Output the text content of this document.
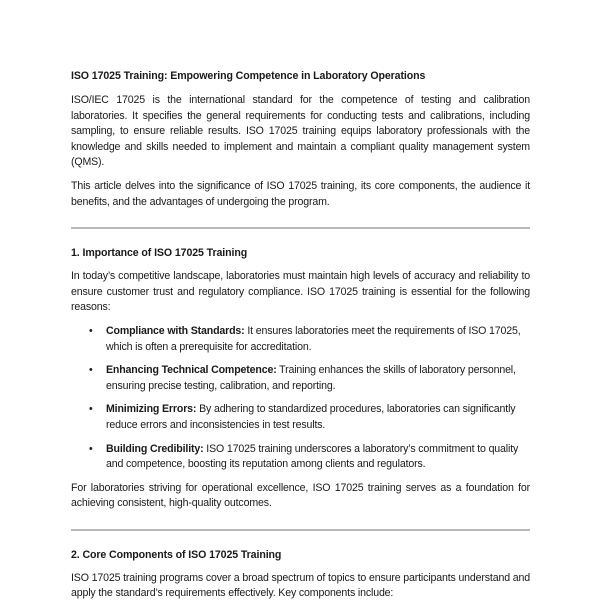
ISO 17025 Training: Empowering Competence in Laboratory Operations

ISO/IEC 17025 is the international standard for the competence of testing and calibration laboratories. It specifies the general requirements for conducting tests and calibrations, including sampling, to ensure reliable results. ISO 17025 training equips laboratory professionals with the knowledge and skills needed to implement and maintain a compliant quality management system (QMS).

This article delves into the significance of ISO 17025 training, its core components, the audience it benefits, and the advantages of undergoing the program.

1. Importance of ISO 17025 Training

In today’s competitive landscape, laboratories must maintain high levels of accuracy and reliability to ensure customer trust and regulatory compliance. ISO 17025 training is essential for the following reasons:

• Compliance with Standards: It ensures laboratories meet the requirements of ISO 17025, which is often a prerequisite for accreditation.
• Enhancing Technical Competence: Training enhances the skills of laboratory personnel, ensuring precise testing, calibration, and reporting.
• Minimizing Errors: By adhering to standardized procedures, laboratories can significantly reduce errors and inconsistencies in test results.
• Building Credibility: ISO 17025 training underscores a laboratory’s commitment to quality and competence, boosting its reputation among clients and regulators.

For laboratories striving for operational excellence, ISO 17025 training serves as a foundation for achieving consistent, high-quality outcomes.

2. Core Components of ISO 17025 Training

ISO 17025 training programs cover a broad spectrum of topics to ensure participants understand and apply the standard’s requirements effectively. Key components include:
